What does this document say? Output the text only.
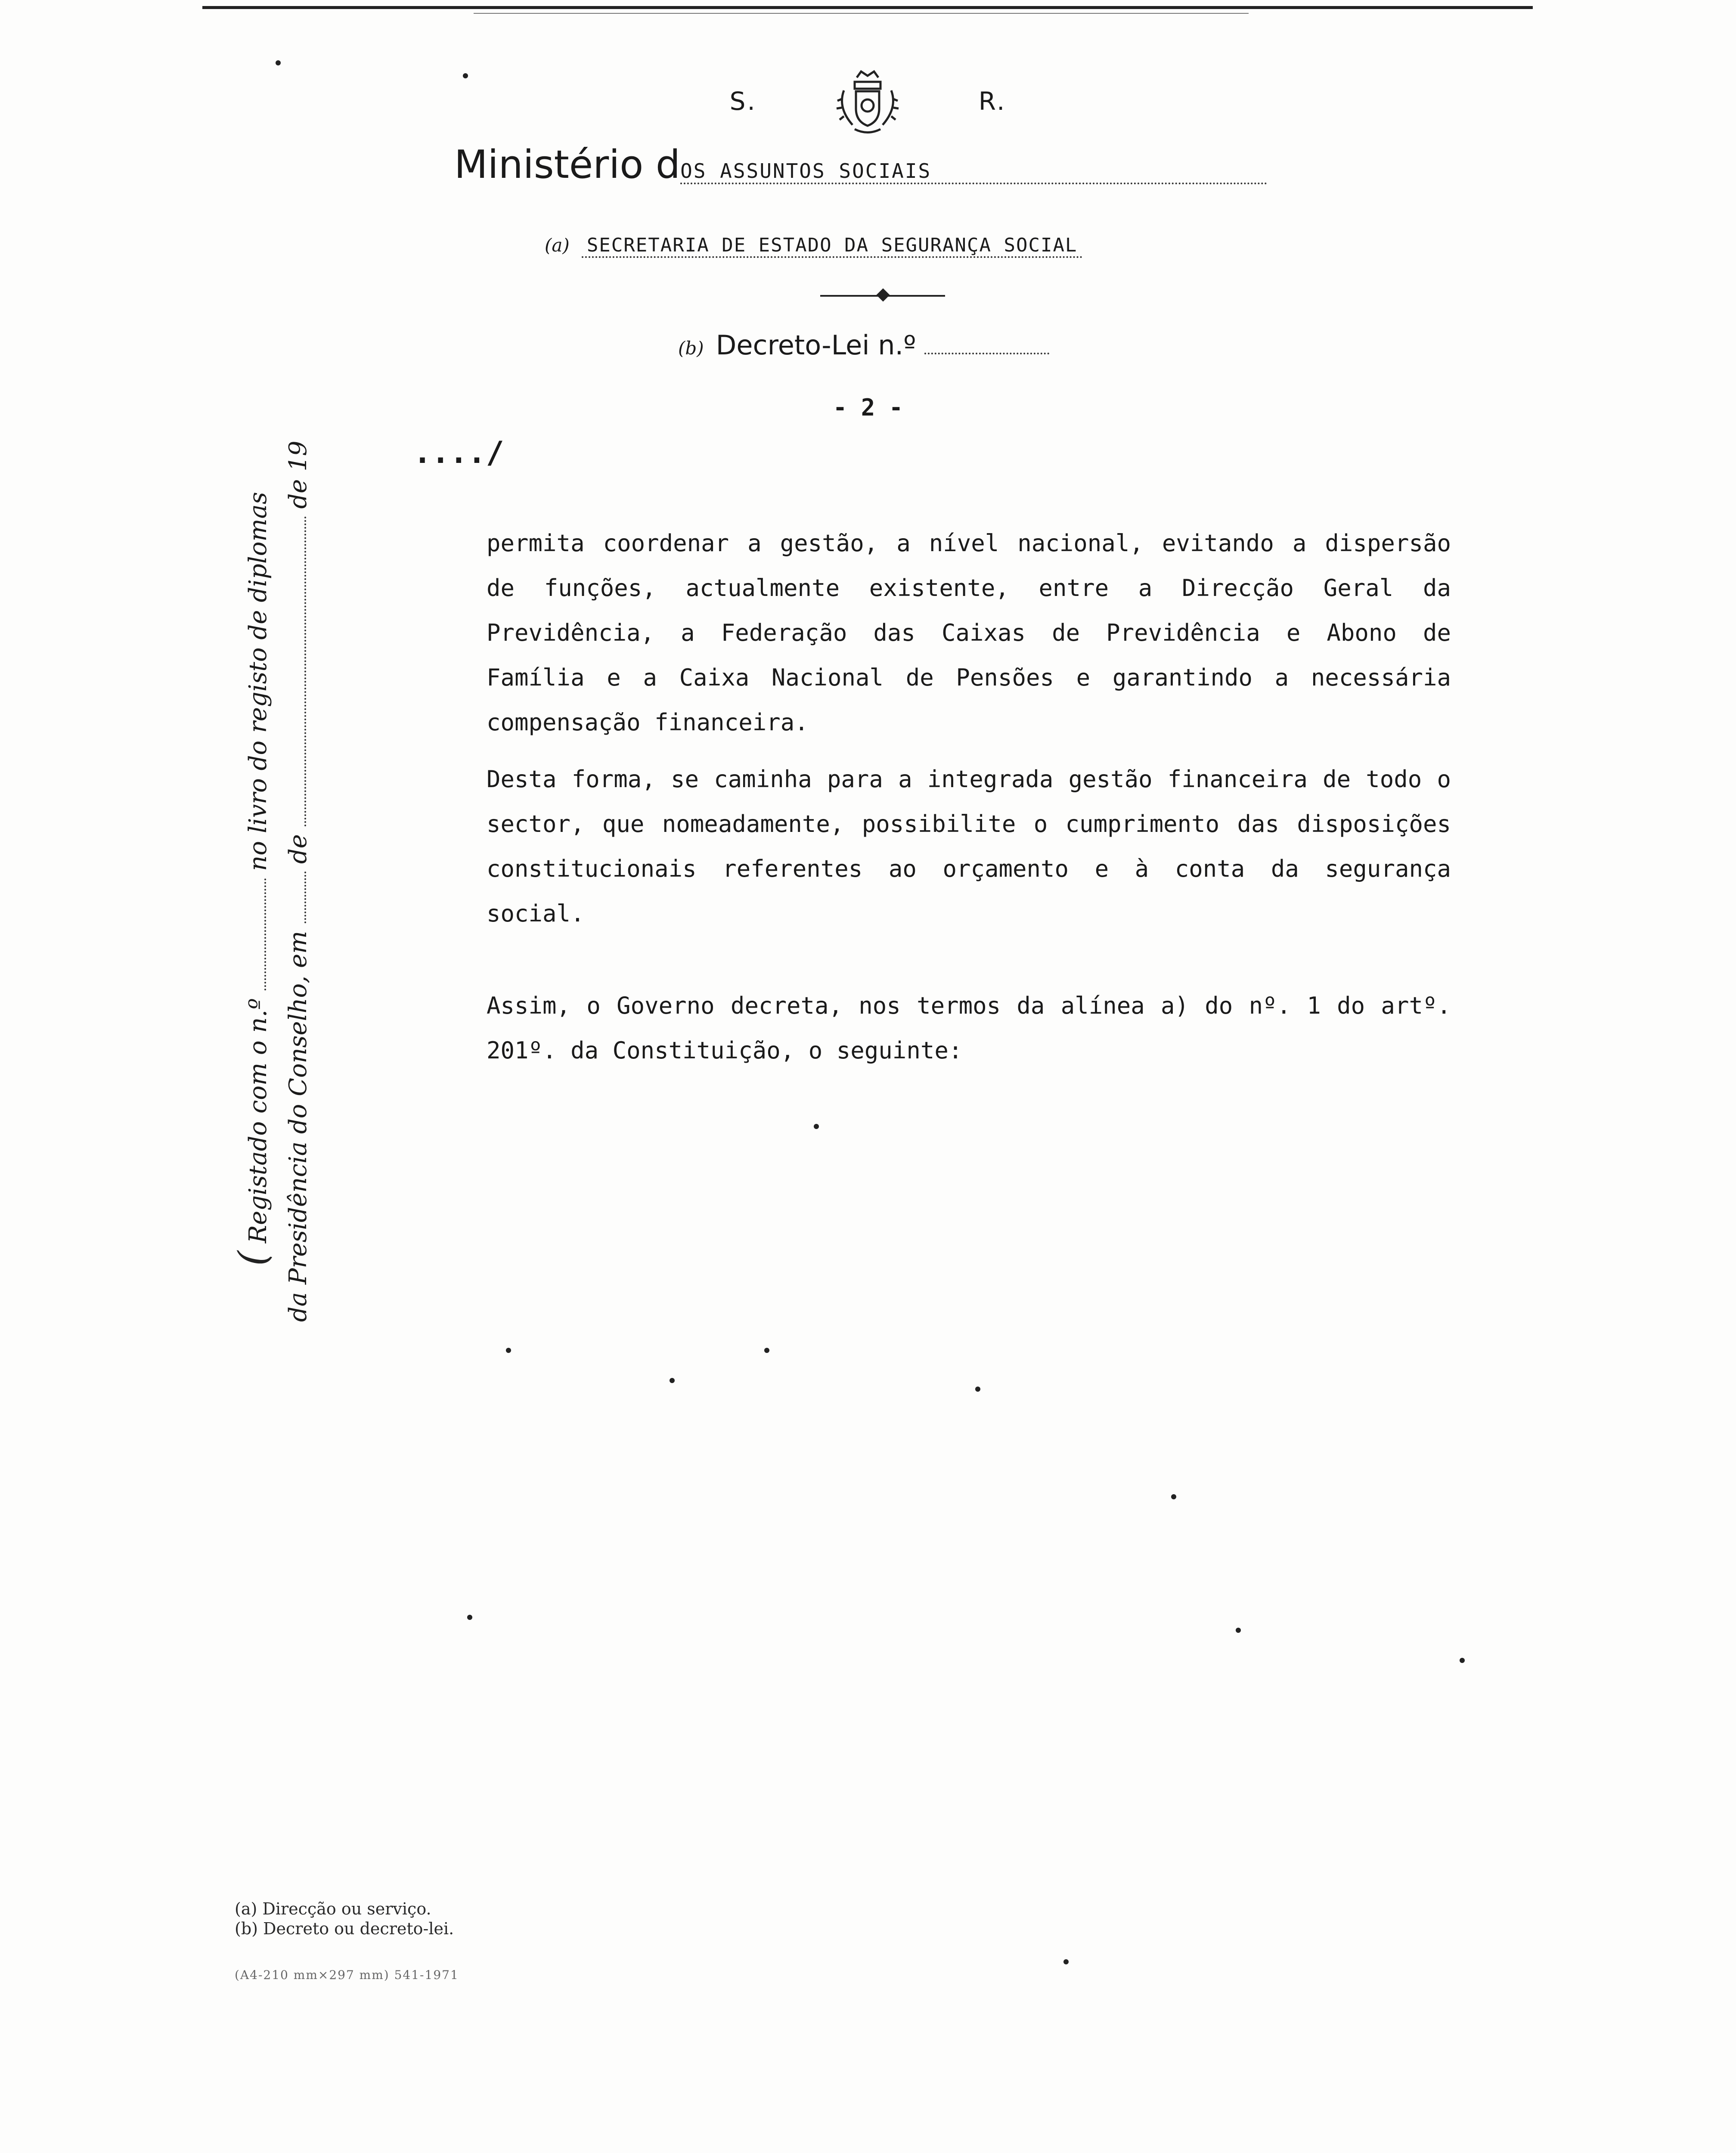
S.	R.
Ministério dOS ASSUNTOS SOCIAIS
(a) SECRETARIA DE ESTADO DA SEGURANÇA SOCIAL
(b) Decreto-Lei n.º
- 2 -
..../
( Registado com o n.º  no livro do registo de diplomas
da Presidência do Conselho, em  de  de 19

permita coordenar a gestão, a nível nacional, evitando a dispersão de funções, actualmente existente, entre a Direcção Geral da Previdência, a Federação das Caixas de Previdência e Abono de Família e a Caixa Nacional de Pensões e garantindo a necessária compensação financeira.

Desta forma, se caminha para a integrada gestão financeira de todo o sector, que nomeadamente, possibilite o cumprimento das disposições constitucionais referentes ao orçamento e à conta da segurança social.

Assim, o Governo decreta, nos termos da alínea a) do nº. 1 do artº. 201º. da Constituição, o seguinte:

(a) Direcção ou serviço.
(b) Decreto ou decreto-lei.
(A4-210 mm×297 mm) 541-1971
